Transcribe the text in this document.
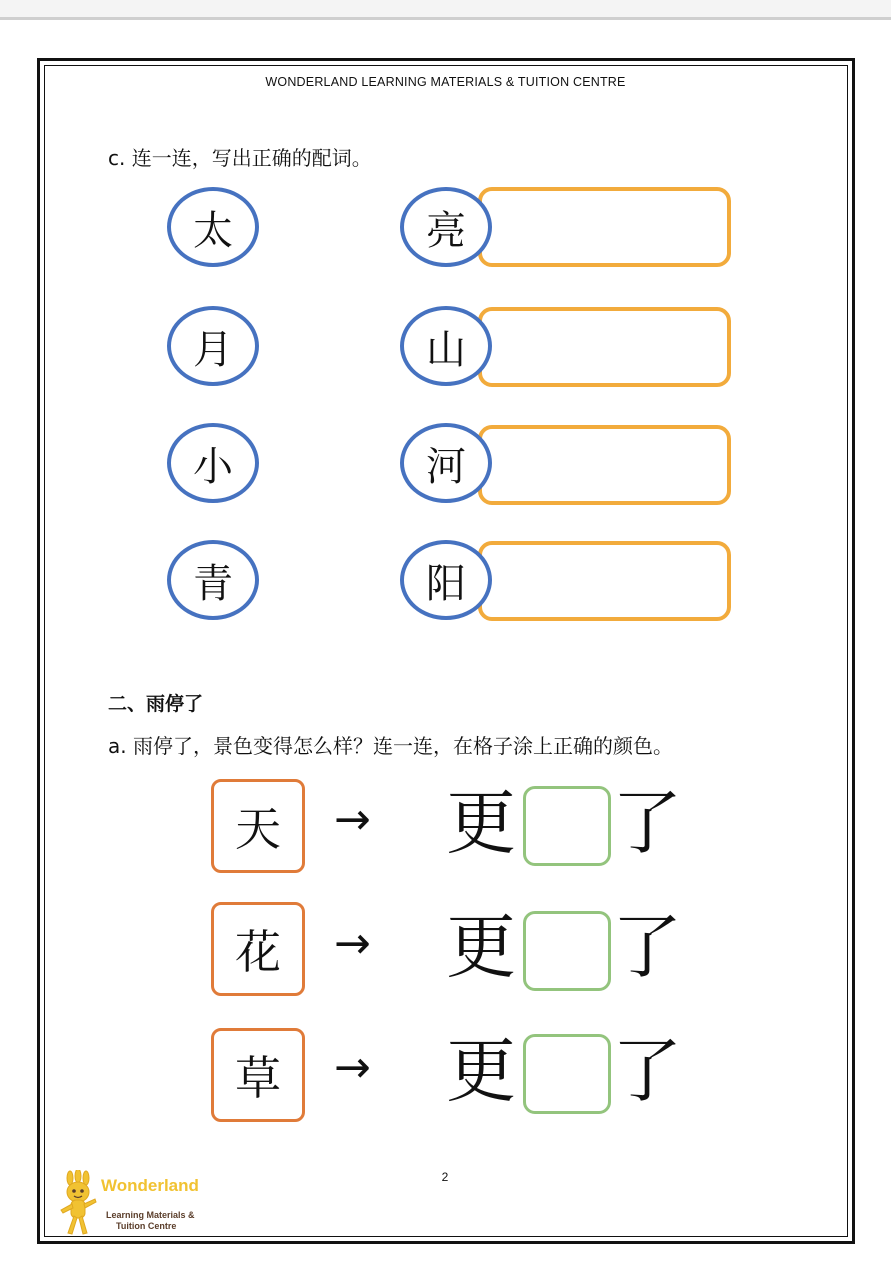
WONDERLAND LEARNING MATERIALS & TUITION CENTRE
c. 连一连，写出正确的配词。
太	亮
月	山
小	河
青	阳
二、雨停了
a. 雨停了，景色变得怎么样？连一连，在格子涂上正确的颜色。
天 → 更 了
花 → 更 了
草 → 更 了
2
Wonderland
Learning Materials &
Tuition Centre
